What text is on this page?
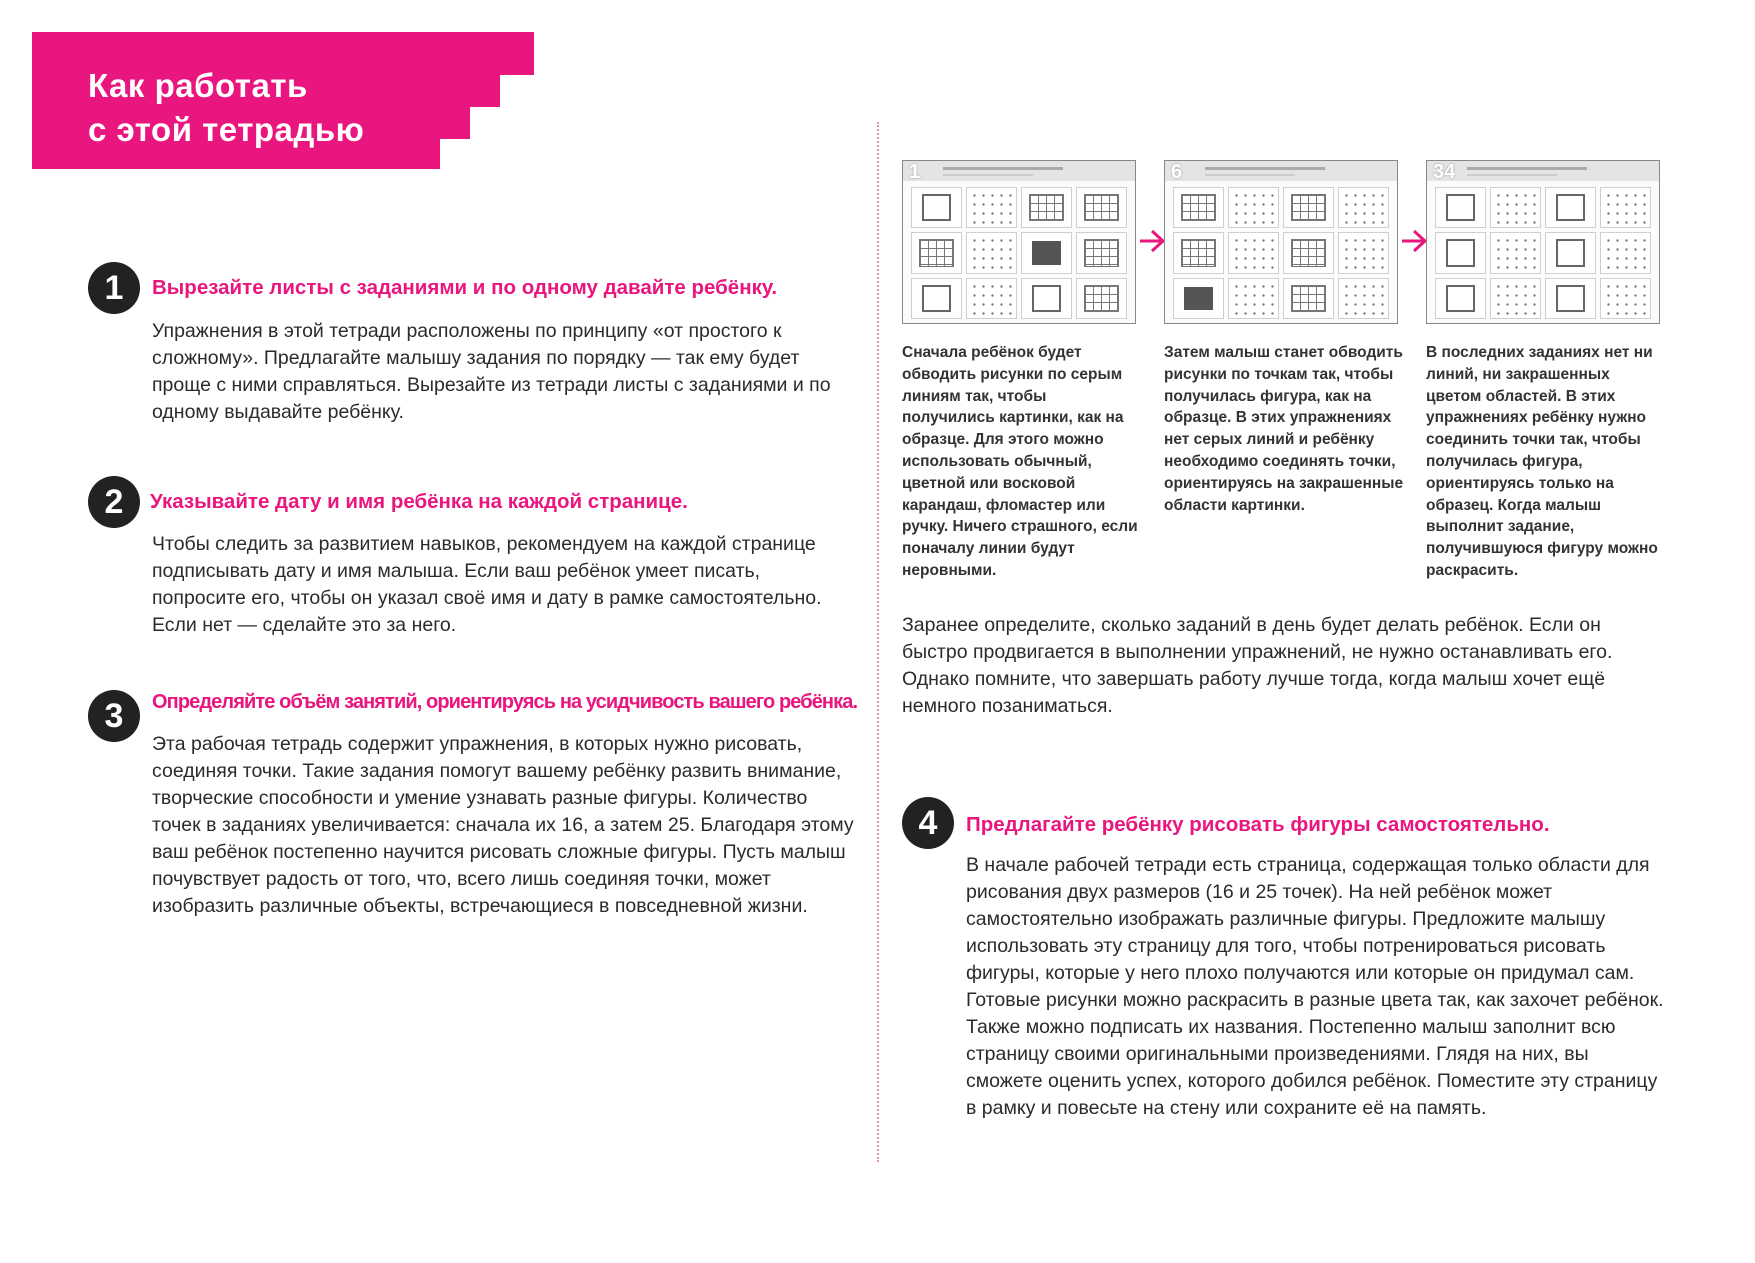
Как работать
с этой тетрадью
1	Вырезайте листы с заданиями и по одному давайте ребёнку.

Упражнения в этой тетради расположены по принципу «от простого к сложному». Предлагайте малышу задания по порядку — так ему будет проще с ними справляться. Вырезайте из тетради листы с заданиями и по одному выдавайте ребёнку.

2	Указывайте дату и имя ребёнка на каждой странице.

Чтобы следить за развитием навыков, рекомендуем на каждой странице подписывать дату и имя малыша. Если ваш ребёнок умеет писать, попросите его, чтобы он указал своё имя и дату в рамке самостоятельно. Если нет — сделайте это за него.

3	Определяйте объём занятий, ориентируясь на усидчивость вашего ребёнка.

Эта рабочая тетрадь содержит упражнения, в которых нужно рисовать, соединяя точки. Такие задания помогут вашему ребёнку развить внимание, творческие способности и умение узнавать разные фигуры. Количество точек в заданиях увеличивается: сначала их 16, а затем 25. Благодаря этому ваш ребёнок постепенно научится рисовать сложные фигуры. Пусть малыш почувствует радость от того, что, всего лишь соединяя точки, может изобразить различные объекты, встречающиеся в повседневной жизни.

1	6	34

Сначала ребёнок будет обводить рисунки по серым линиям так, чтобы получились картинки, как на образце. Для этого можно использовать обычный, цветной или восковой карандаш, фломастер или ручку. Ничего страшного, если поначалу линии будут неровными.

Затем малыш станет обводить рисунки по точкам так, чтобы получилась фигура, как на образце. В этих упражнениях нет серых линий и ребёнку необходимо соединять точки, ориентируясь на закрашенные области картинки.

В последних заданиях нет ни линий, ни закрашенных цветом областей. В этих упражнениях ребёнку нужно соединить точки так, чтобы получилась фигура, ориентируясь только на образец. Когда малыш выполнит задание, получившуюся фигуру можно раскрасить.

Заранее определите, сколько заданий в день будет делать ребёнок. Если он быстро продвигается в выполнении упражнений, не нужно останавливать его. Однако помните, что завершать работу лучше тогда, когда малыш хочет ещё немного позаниматься.

4	Предлагайте ребёнку рисовать фигуры самостоятельно.

В начале рабочей тетради есть страница, содержащая только области для рисования двух размеров (16 и 25 точек). На ней ребёнок может самостоятельно изображать различные фигуры. Предложите малышу использовать эту страницу для того, чтобы потренироваться рисовать фигуры, которые у него плохо получаются или которые он придумал сам. Готовые рисунки можно раскрасить в разные цвета так, как захочет ребёнок. Также можно подписать их названия. Постепенно малыш заполнит всю страницу своими оригинальными произведениями. Глядя на них, вы сможете оценить успех, которого добился ребёнок. Поместите эту страницу в рамку и повесьте на стену или сохраните её на память.
